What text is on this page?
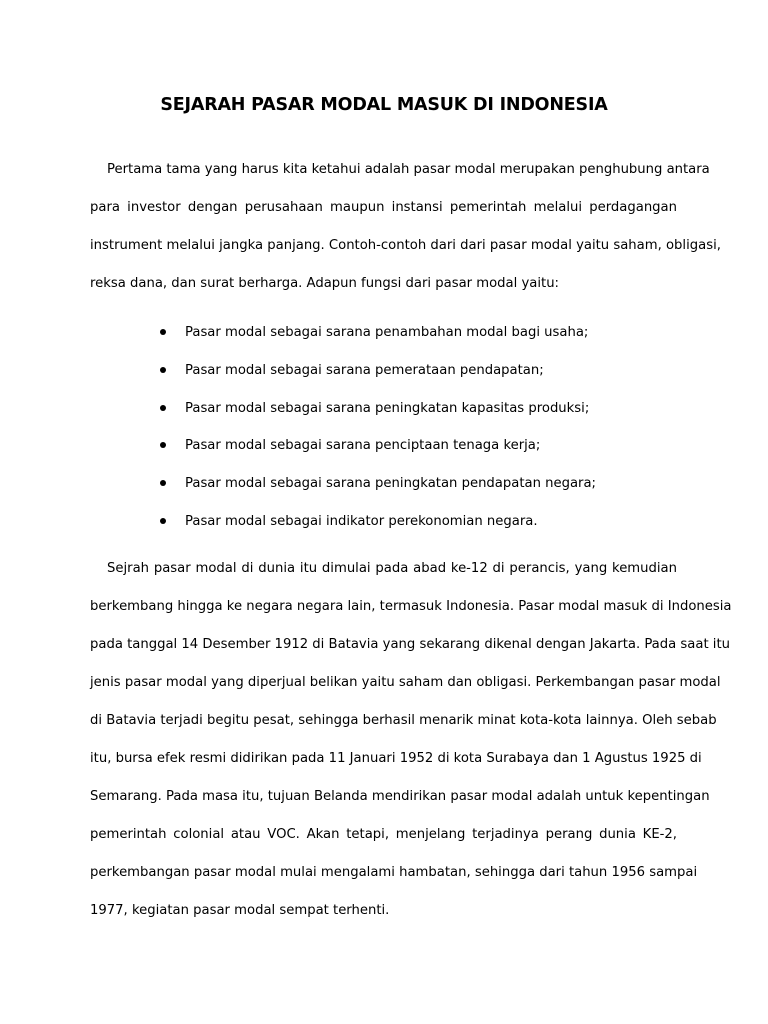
SEJARAH PASAR MODAL MASUK DI INDONESIA
Pertama tama yang harus kita ketahui adalah pasar modal merupakan penghubung antara
para investor dengan perusahaan maupun instansi pemerintah melalui perdagangan
instrument melalui jangka panjang. Contoh-contoh dari dari pasar modal yaitu saham, obligasi,
reksa dana, dan surat berharga. Adapun fungsi dari pasar modal yaitu:
Pasar modal sebagai sarana penambahan modal bagi usaha;
Pasar modal sebagai sarana pemerataan pendapatan;
Pasar modal sebagai sarana peningkatan kapasitas produksi;
Pasar modal sebagai sarana penciptaan tenaga kerja;
Pasar modal sebagai sarana peningkatan pendapatan negara;
Pasar modal sebagai indikator perekonomian negara.
Sejrah pasar modal di dunia itu dimulai pada abad ke-12 di perancis, yang kemudian
berkembang hingga ke negara negara lain, termasuk Indonesia. Pasar modal masuk di Indonesia
pada tanggal 14 Desember 1912 di Batavia yang sekarang dikenal dengan Jakarta. Pada saat itu
jenis pasar modal yang diperjual belikan yaitu saham dan obligasi. Perkembangan pasar modal
di Batavia terjadi begitu pesat, sehingga berhasil menarik minat kota-kota lainnya. Oleh sebab
itu, bursa efek resmi didirikan pada 11 Januari 1952 di kota Surabaya dan 1 Agustus 1925 di
Semarang. Pada masa itu, tujuan Belanda mendirikan pasar modal adalah untuk kepentingan
pemerintah colonial atau VOC. Akan tetapi, menjelang terjadinya perang dunia KE-2,
perkembangan pasar modal mulai mengalami hambatan, sehingga dari tahun 1956 sampai
1977, kegiatan pasar modal sempat terhenti.
